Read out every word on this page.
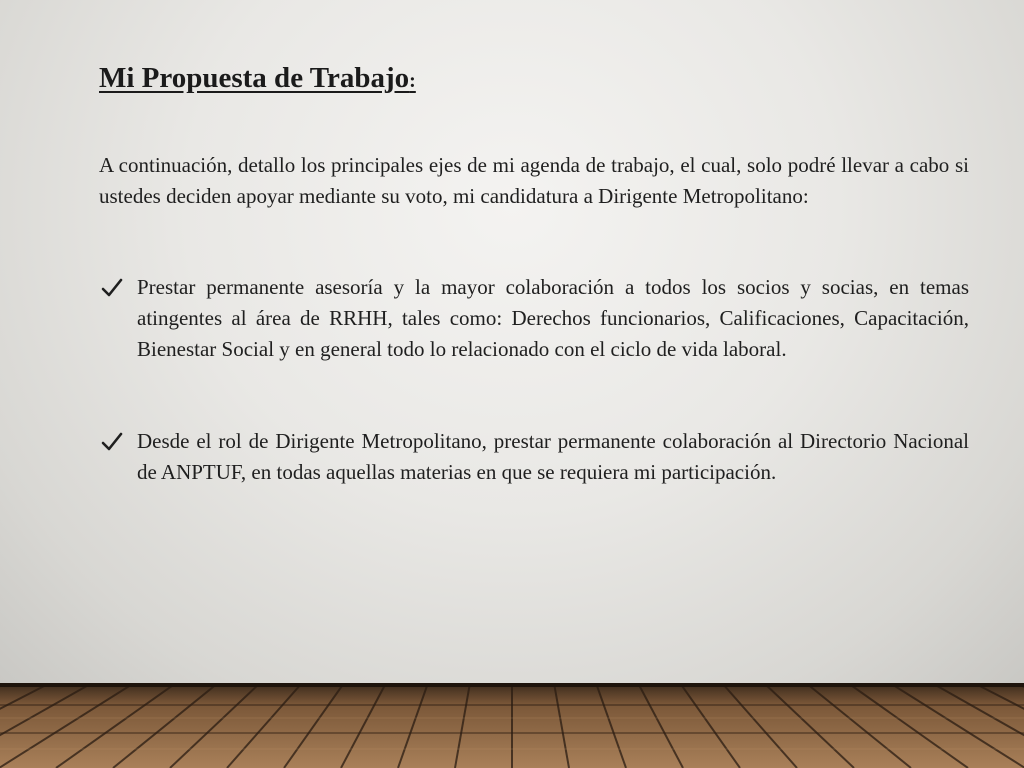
Mi Propuesta de Trabajo:

A continuación, detallo los principales ejes de mi agenda de trabajo, el cual, solo podré llevar a cabo si ustedes deciden apoyar mediante su voto, mi candidatura a Dirigente Metropolitano:

Prestar permanente asesoría y la mayor colaboración a todos los socios y socias, en temas atingentes al área de RRHH, tales como: Derechos funcionarios, Calificaciones, Capacitación, Bienestar Social y en general todo lo relacionado con el ciclo de vida laboral.
Desde el rol de Dirigente Metropolitano, prestar permanente colaboración al Directorio Nacional de ANPTUF, en todas aquellas materias en que se requiera mi participación.
